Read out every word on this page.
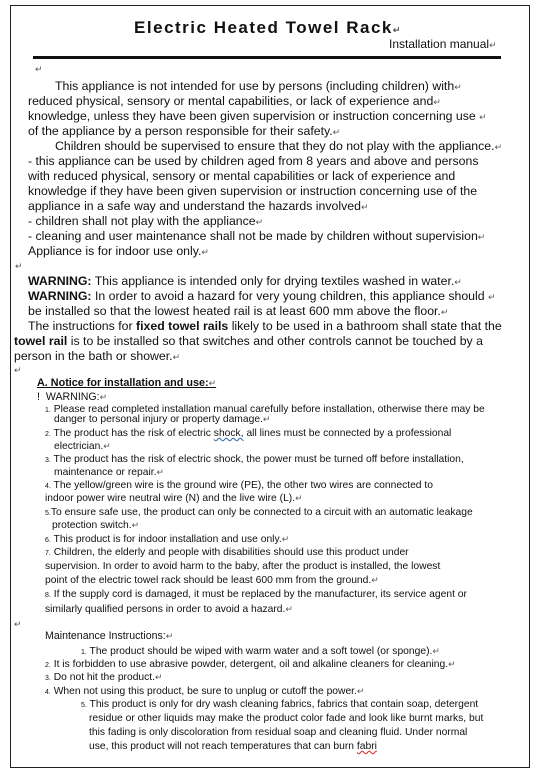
Electric Heated Towel Rack↵
Installation manual↵
↵
This appliance is not intended for use by persons (including children) with↵
reduced physical, sensory or mental capabilities, or lack of experience and↵
knowledge, unless they have been given supervision or instruction concerning use ↵
of the appliance by a person responsible for their safety.↵
Children should be supervised to ensure that they do not play with the appliance.↵
- this appliance can be used by children aged from 8 years and above and persons
with reduced physical, sensory or mental capabilities or lack of experience and
knowledge if they have been given supervision or instruction concerning use of the
appliance in a safe way and understand the hazards involved↵
- children shall not play with the appliance↵
- cleaning and user maintenance shall not be made by children without supervision↵
Appliance is for indoor use only.↵
↵
WARNING: This appliance is intended only for drying textiles washed in water.↵
WARNING: In order to avoid a hazard for very young children, this appliance should ↵
be installed so that the lowest heated rail is at least 600 mm above the floor.↵
The instructions for fixed towel rails likely to be used in a bathroom shall state that the
towel rail is to be installed so that switches and other controls cannot be touched by a
person in the bath or shower.↵
↵
A. Notice for installation and use:↵
! WARNING:↵
1. Please read completed installation manual carefully before installation, otherwise there may be
danger to personal injury or property damage.↵
2. The product has the risk of electric shock, all lines must be connected by a professional
electrician.↵
3. The product has the risk of electric shock, the power must be turned off before installation,
maintenance or repair.↵
4. The yellow/green wire is the ground wire (PE), the other two wires are connected to
indoor power wire neutral wire (N) and the live wire (L).↵
5.To ensure safe use, the product can only be connected to a circuit with an automatic leakage
protection switch.↵
6. This product is for indoor installation and use only.↵
7. Children, the elderly and people with disabilities should use this product under
supervision. In order to avoid harm to the baby, after the product is installed, the lowest
point of the electric towel rack should be least 600 mm from the ground.↵
8. If the supply cord is damaged, it must be replaced by the manufacturer, its service agent or
similarly qualified persons in order to avoid a hazard.↵
↵
Maintenance Instructions:↵
1. The product should be wiped with warm water and a soft towel (or sponge).↵
2. It is forbidden to use abrasive powder, detergent, oil and alkaline cleaners for cleaning.↵
3. Do not hit the product.↵
4. When not using this product, be sure to unplug or cutoff the power.↵
5. This product is only for dry wash cleaning fabrics, fabrics that contain soap, detergent
residue or other liquids may make the product color fade and look like burnt marks, but
this fading is only discoloration from residual soap and cleaning fluid. Under normal
use, this product will not reach temperatures that can burn fabri
